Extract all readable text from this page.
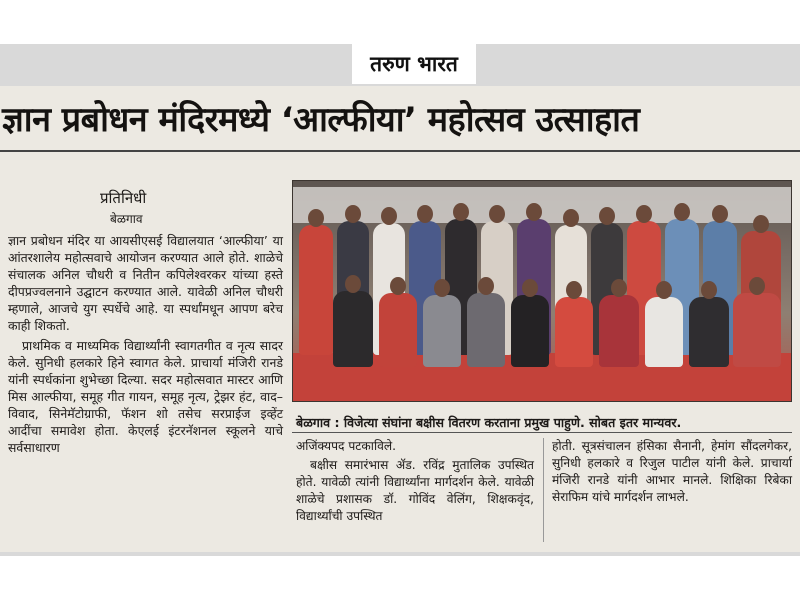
तरुण भारत
ज्ञान प्रबोधन मंदिरमध्ये ‘आल्फीया’ महोत्सव उत्साहात
प्रतिनिधी
बेळगाव

ज्ञान प्रबोधन मंदिर या आयसीएसई विद्यालयात ‘आल्फीया’ या आंतरशालेय महोत्सवाचे आयोजन करण्यात आले होते. शाळेचे संचालक अनिल चौधरी व नितीन कपिलेश्वरकर यांच्या हस्ते दीपप्रज्वलनाने उद्घाटन करण्यात आले. यावेळी अनिल चौधरी म्हणाले, आजचे युग स्पर्धेचे आहे. या स्पर्धांमधून आपण बरेच काही शिकतो.

प्राथमिक व माध्यमिक विद्यार्थ्यांनी स्वागतगीत व नृत्य सादर केले. सुनिधी हलकारे हिने स्वागत केले. प्राचार्या मंजिरी रानडे यांनी स्पर्धकांना शुभेच्छा दिल्या. सदर महोत्सवात मास्टर आणि मिस आल्फीया, समूह गीत गायन, समूह नृत्य, ट्रेझर हंट, वाद–विवाद, सिनेमॅटोग्राफी, फॅशन शो तसेच सरप्राईज इव्हेंट आदींचा समावेश होता. केएलई इंटरनॅशनल स्कूलने याचे सर्वसाधारण

बेळगाव : विजेत्या संघांना बक्षीस वितरण करताना प्रमुख पाहुणे. सोबत इतर मान्यवर.

अजिंक्यपद पटकाविले.

बक्षीस समारंभास ॲड. रविंद्र मुतालिक उपस्थित होते. यावेळी त्यांनी विद्यार्थ्यांना मार्गदर्शन केले. यावेळी शाळेचे प्रशासक डॉ. गोविंद वेलिंग, शिक्षकवृंद, विद्यार्थ्यांची उपस्थित

होती. सूत्रसंचालन हंसिका सैनानी, हेमांग सौंदलगेकर, सुनिधी हलकारे व रिजुल पाटील यांनी केले. प्राचार्या मंजिरी रानडे यांनी आभार मानले. शिक्षिका रिबेका सेराफिम यांचे मार्गदर्शन लाभले.
